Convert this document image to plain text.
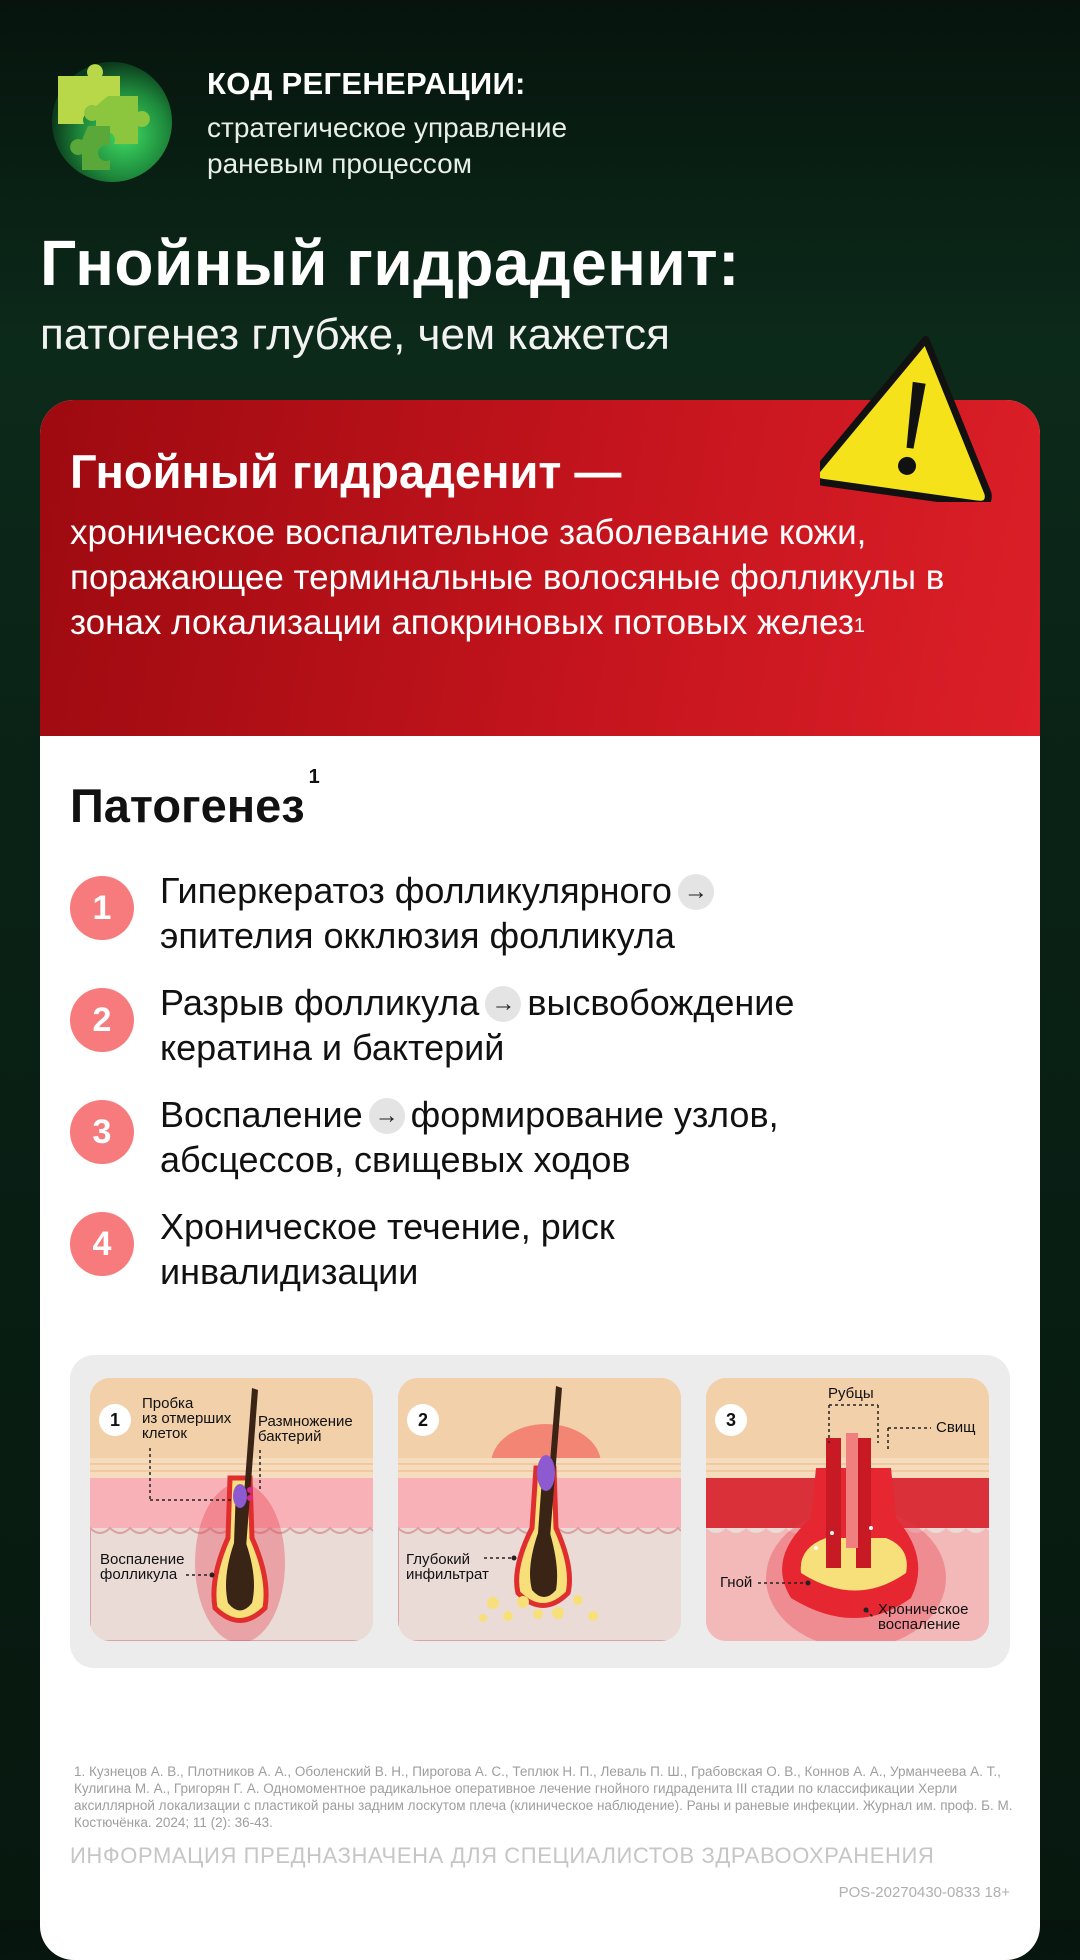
КОД РЕГЕНЕРАЦИИ:
стратегическое управление
раневым процессом
Гнойный гидраденит:
патогенез глубже, чем кажется
Гнойный гидраденит —
хроническое воспалительное заболевание кожи, поражающее терминальные волосяные фолликулы в зонах локализации апокриновых потовых желез$^1$
Патогенез$^1$
1	Гиперкератоз фолликулярного →
эпителия окклюзия фолликула
2	Разрыв фолликула → высвобождение
кератина и бактерий
3	Воспаление → формирование узлов,
абсцессов, свищевых ходов
4	Хроническое течение, риск
инвалидизации
1
Пробка
из отмерших
клеток
Размножение
бактерий
Воспаление
фолликула
2
Глубокий
инфильтрат
3
Рубцы
Свищ
Гной
Хроническое
воспаление
1. Кузнецов А. В., Плотников А. А., Оболенский В. Н., Пирогова А. С., Теплюк Н. П., Леваль П. Ш., Грабовская О. В., Коннов А. А., Урманчеева А. Т., Кулигина М. А., Григорян Г. А. Одномоментное радикальное оперативное лечение гнойного гидраденита III стадии по классификации Херли аксиллярной локализации с пластикой раны задним лоскутом плеча (клиническое наблюдение). Раны и раневые инфекции. Журнал им. проф. Б. М. Костючёнка. 2024; 11 (2): 36-43.
ИНФОРМАЦИЯ ПРЕДНАЗНАЧЕНА ДЛЯ СПЕЦИАЛИСТОВ ЗДРАВООХРАНЕНИЯ
POS-20270430-0833 18+
